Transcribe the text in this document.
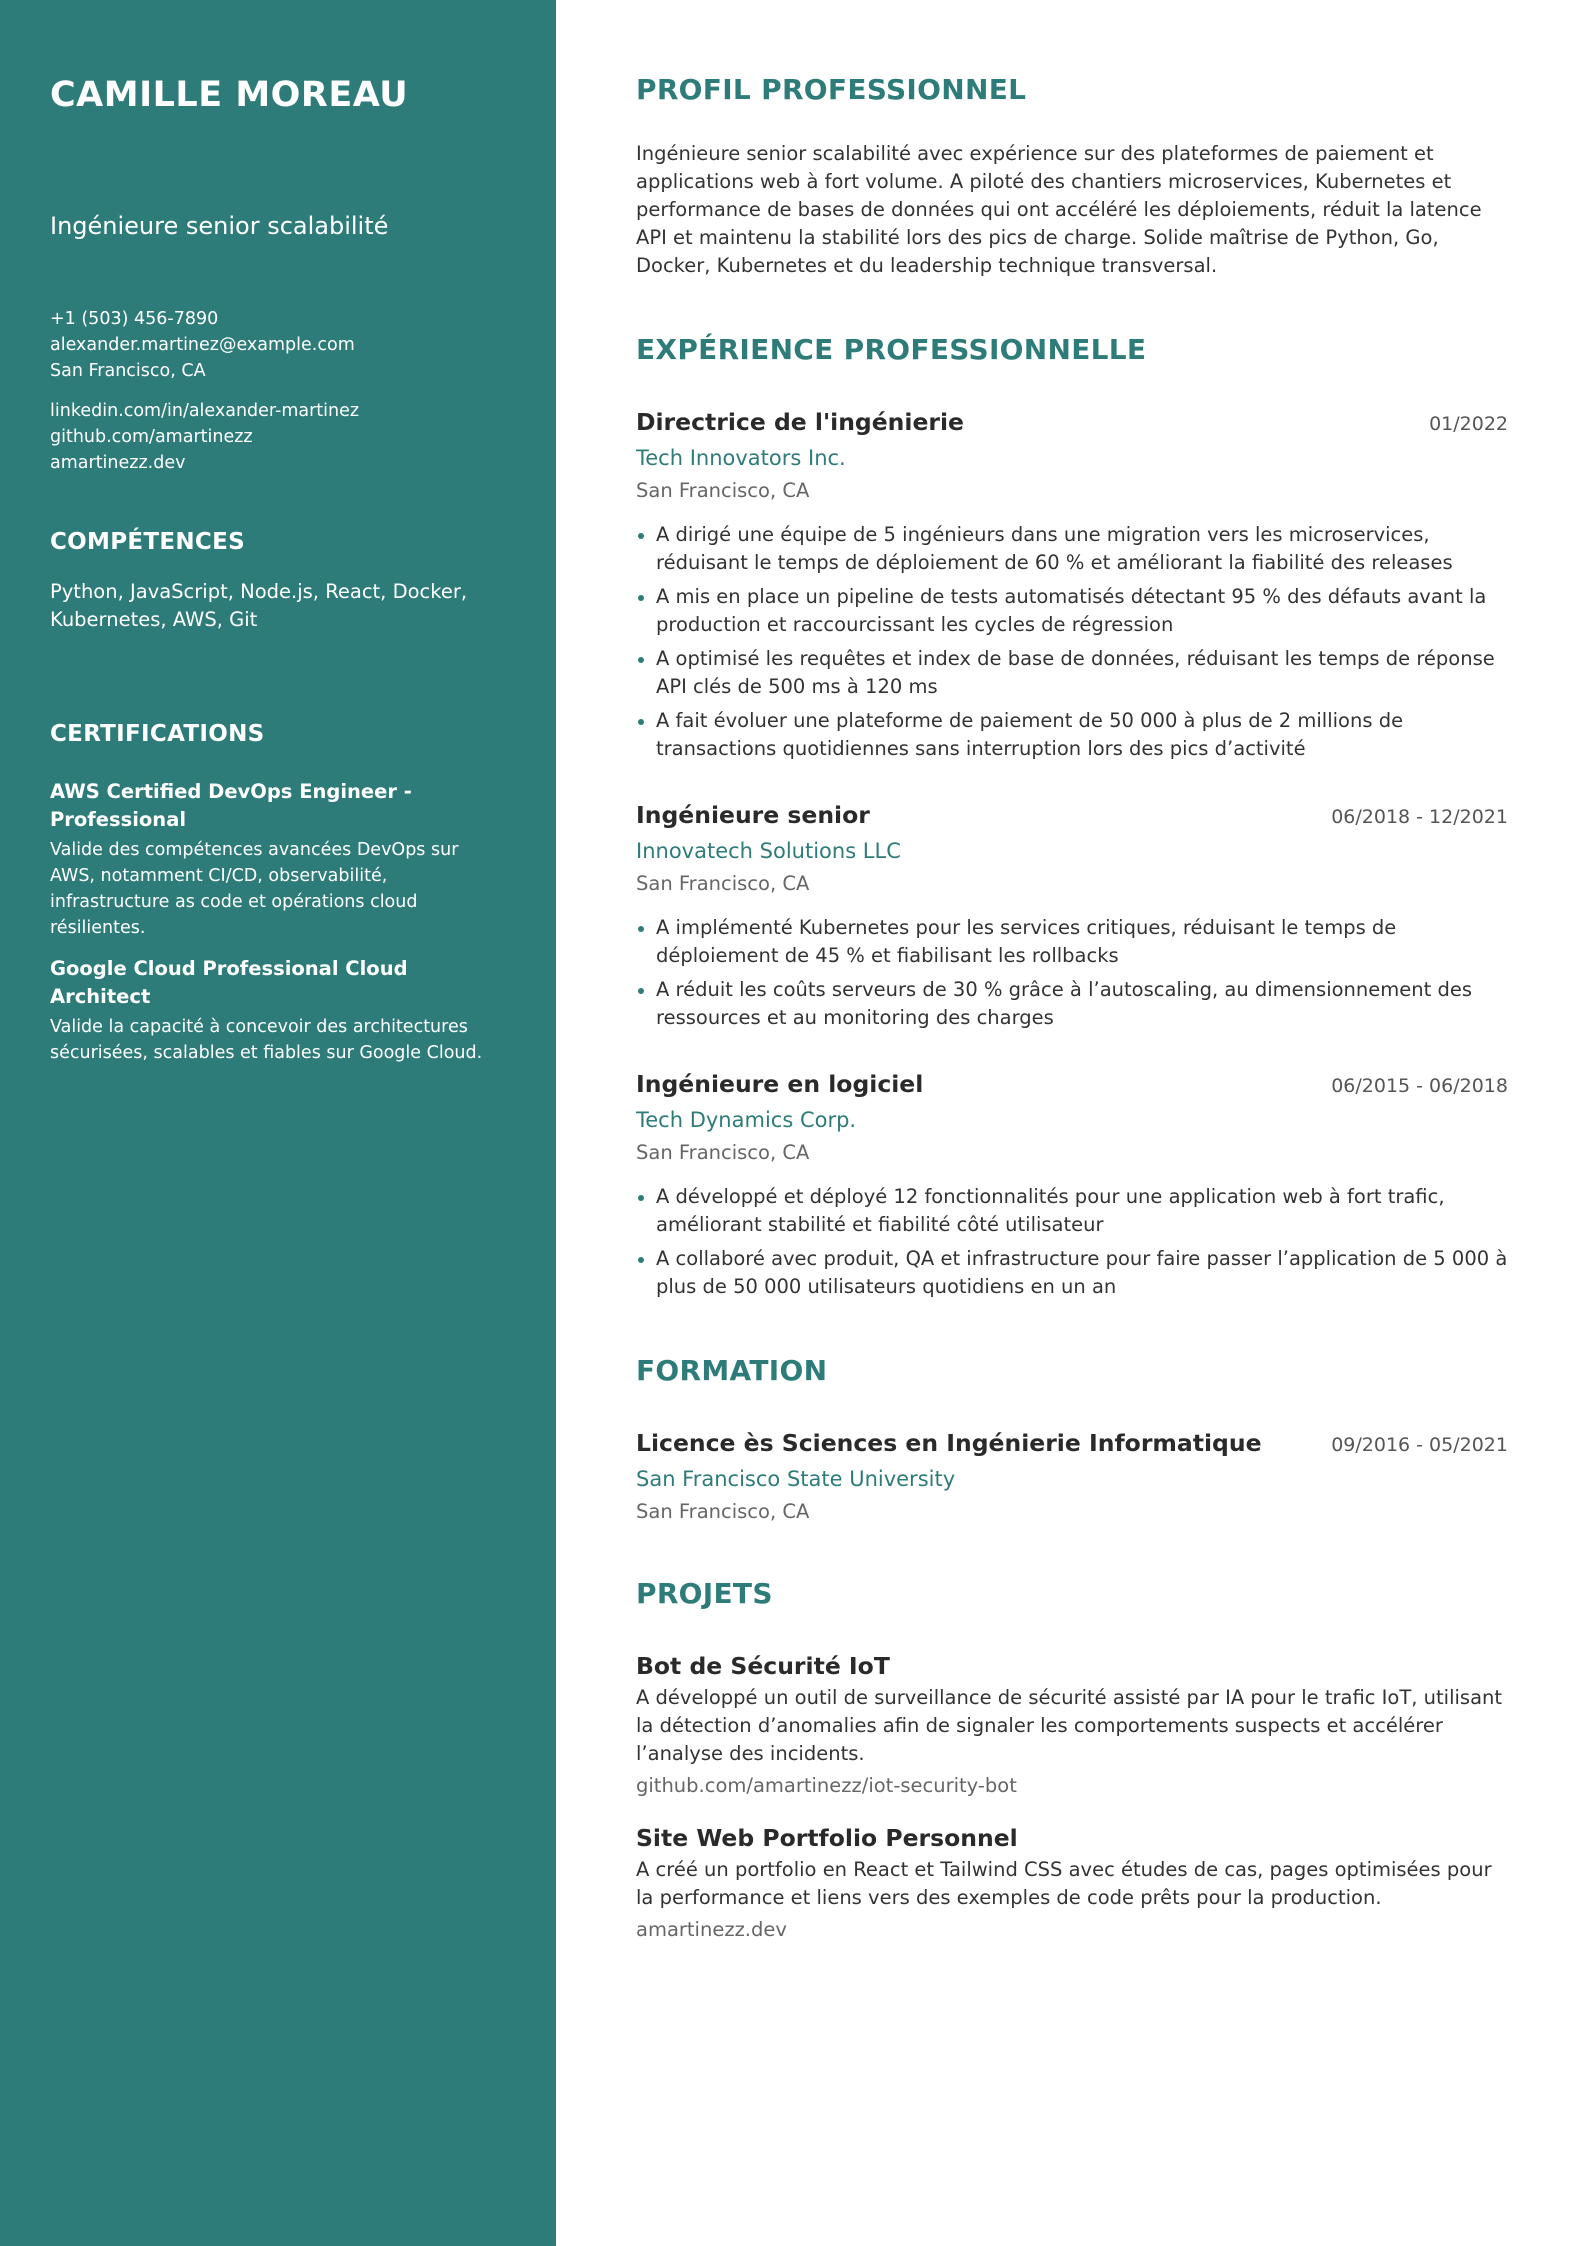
CAMILLE MOREAU
Ingénieure senior scalabilité
+1 (503) 456-7890
alexander.martinez@example.com
San Francisco, CA
linkedin.com/in/alexander-martinez
github.com/amartinezz
amartinezz.dev
COMPÉTENCES
Python, JavaScript, Node.js, React, Docker, Kubernetes, AWS, Git
CERTIFICATIONS
AWS Certified DevOps Engineer - Professional
Valide des compétences avancées DevOps sur AWS, notamment CI/CD, observabilité, infrastructure as code et opérations cloud résilientes.
Google Cloud Professional Cloud Architect
Valide la capacité à concevoir des architectures sécurisées, scalables et fiables sur Google Cloud.
PROFIL PROFESSIONNEL

Ingénieure senior scalabilité avec expérience sur des plateformes de paiement et applications web à fort volume. A piloté des chantiers microservices, Kubernetes et performance de bases de données qui ont accéléré les déploiements, réduit la latence API et maintenu la stabilité lors des pics de charge. Solide maîtrise de Python, Go, Docker, Kubernetes et du leadership technique transversal.

EXPÉRIENCE PROFESSIONNELLE
Directrice de l'ingénierie	01/2022
Tech Innovators Inc.
San Francisco, CA
A dirigé une équipe de 5 ingénieurs dans une migration vers les microservices, réduisant le temps de déploiement de 60 % et améliorant la fiabilité des releases
A mis en place un pipeline de tests automatisés détectant 95 % des défauts avant la production et raccourcissant les cycles de régression
A optimisé les requêtes et index de base de données, réduisant les temps de réponse API clés de 500 ms à 120 ms
A fait évoluer une plateforme de paiement de 50 000 à plus de 2 millions de transactions quotidiennes sans interruption lors des pics d’activité
Ingénieure senior	06/2018 - 12/2021
Innovatech Solutions LLC
San Francisco, CA
A implémenté Kubernetes pour les services critiques, réduisant le temps de déploiement de 45 % et fiabilisant les rollbacks
A réduit les coûts serveurs de 30 % grâce à l’autoscaling, au dimensionnement des ressources et au monitoring des charges
Ingénieure en logiciel	06/2015 - 06/2018
Tech Dynamics Corp.
San Francisco, CA
A développé et déployé 12 fonctionnalités pour une application web à fort trafic, améliorant stabilité et fiabilité côté utilisateur
A collaboré avec produit, QA et infrastructure pour faire passer l’application de 5 000 à plus de 50 000 utilisateurs quotidiens en un an
FORMATION
Licence ès Sciences en Ingénierie Informatique	09/2016 - 05/2021
San Francisco State University
San Francisco, CA
PROJETS
Bot de Sécurité IoT
A développé un outil de surveillance de sécurité assisté par IA pour le trafic IoT, utilisant la détection d’anomalies afin de signaler les comportements suspects et accélérer l’analyse des incidents.
github.com/amartinezz/iot-security-bot
Site Web Portfolio Personnel
A créé un portfolio en React et Tailwind CSS avec études de cas, pages optimisées pour la performance et liens vers des exemples de code prêts pour la production.
amartinezz.dev
